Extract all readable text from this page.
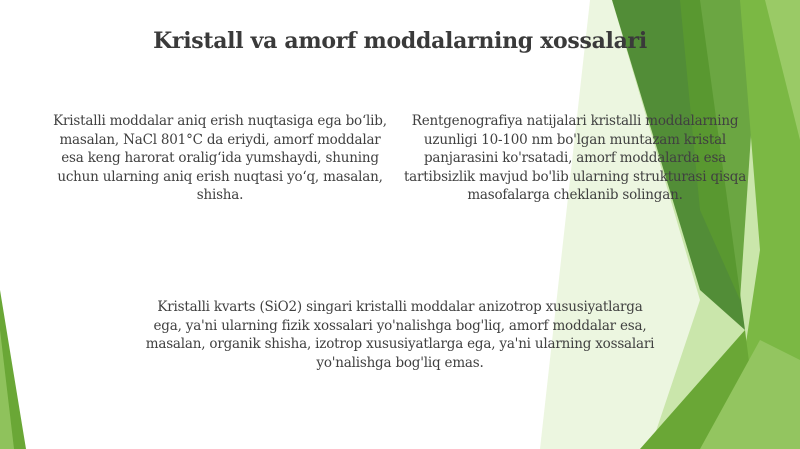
Kristall va amorf moddalarning xossalari
Kristalli moddalar aniq erish nuqtasiga ega bo‘lib, masalan, NaCl 801°C da eriydi, amorf moddalar esa keng harorat oralig‘ida yumshaydi, shuning uchun ularning aniq erish nuqtasi yo‘q, masalan, shisha.
Rentgenografiya natijalari kristalli moddalarning uzunligi 10-100 nm bo'lgan muntazam kristal panjarasini ko'rsatadi, amorf moddalarda esa tartibsizlik mavjud bo'lib ularning strukturasi qisqa masofalarga cheklanib solingan.
Kristalli kvarts (SiO2) singari kristalli moddalar anizotrop xususiyatlarga ega, ya'ni ularning fizik xossalari yo'nalishga bog'liq, amorf moddalar esa, masalan, organik shisha, izotrop xususiyatlarga ega, ya'ni ularning xossalari yo'nalishga bog'liq emas.
